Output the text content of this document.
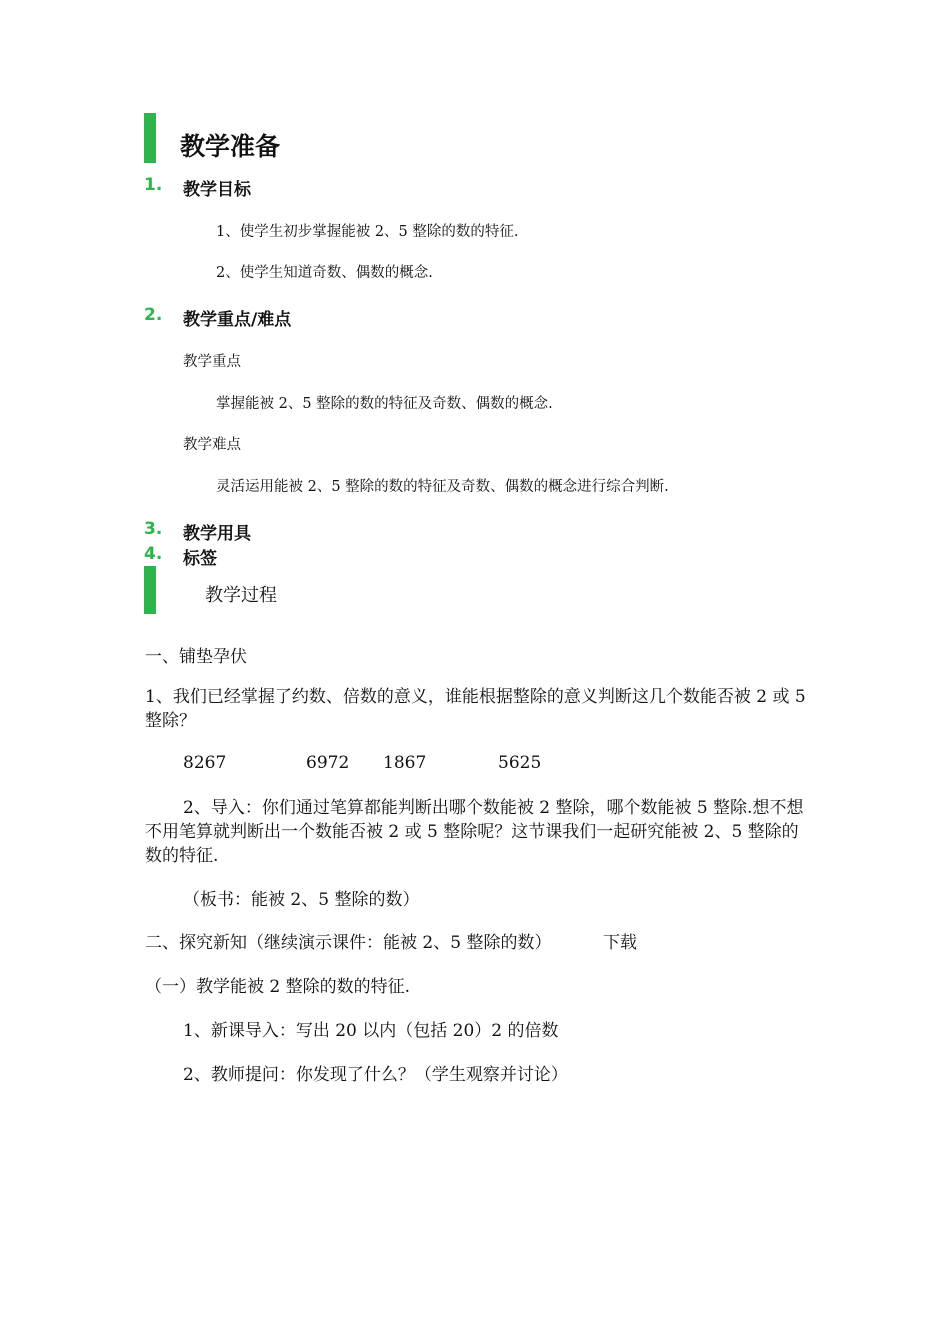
教学准备
1. 教学目标
1、使学生初步掌握能被 2、5 整除的数的特征.
2、使学生知道奇数、偶数的概念.
2. 教学重点/难点
教学重点
掌握能被 2、5 整除的数的特征及奇数、偶数的概念.
教学难点
灵活运用能被 2、5 整除的数的特征及奇数、偶数的概念进行综合判断.
3. 教学用具
4. 标签
教学过程
一、铺垫孕伏
1、我们已经掌握了约数、倍数的意义，谁能根据整除的意义判断这几个数能否被 2 或 5 整除？
8267	6972 1867	5625
2、导入：你们通过笔算都能判断出哪个数能被 2 整除，哪个数能被 5 整除.想不想不用笔算就判断出一个数能否被 2 或 5 整除呢？这节课我们一起研究能被 2、5 整除的数的特征.
（板书：能被 2、5 整除的数）
二、探究新知（继续演示课件：能被 2、5 整除的数）	下载
（一）教学能被 2 整除的数的特征.
1、新课导入：写出 20 以内（包括 20）2 的倍数
2、教师提问：你发现了什么？（学生观察并讨论）
